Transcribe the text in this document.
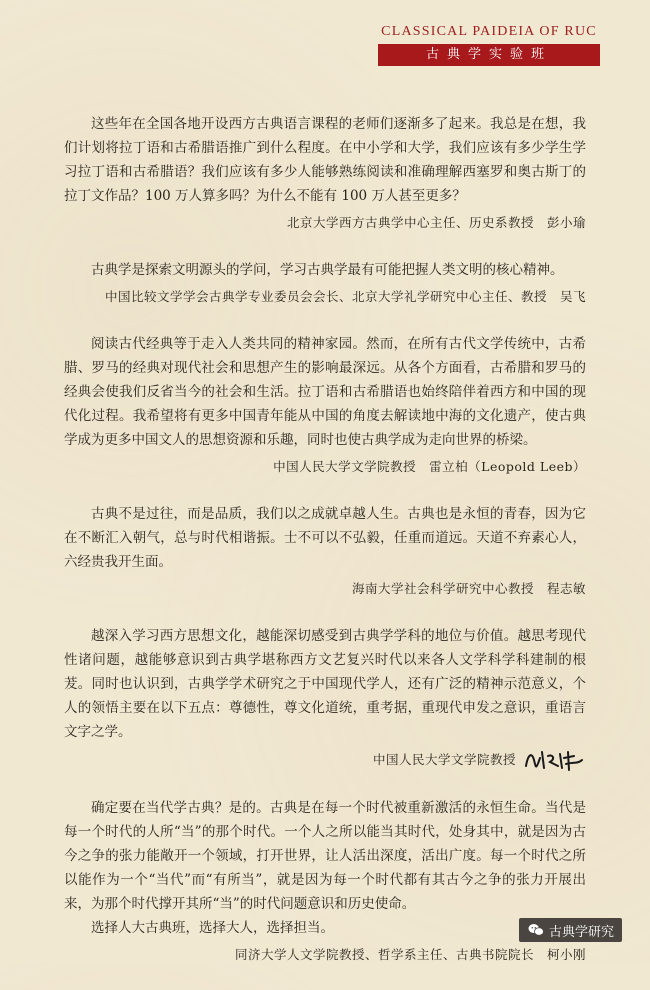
CLASSICAL PAIDEIA OF RUC
古典学实验班

这些年在全国各地开设西方古典语言课程的老师们逐渐多了起来。我总是在想，我们计划将拉丁语和古希腊语推广到什么程度。在中小学和大学，我们应该有多少学生学习拉丁语和古希腊语？我们应该有多少人能够熟练阅读和准确理解西塞罗和奥古斯丁的拉丁文作品？100 万人算多吗？为什么不能有 100 万人甚至更多？

北京大学西方古典学中心主任、历史系教授　彭小瑜

古典学是探索文明源头的学问，学习古典学最有可能把握人类文明的核心精神。

中国比较文学学会古典学专业委员会会长、北京大学礼学研究中心主任、教授　吴飞

阅读古代经典等于走入人类共同的精神家园。然而，在所有古代文学传统中，古希腊、罗马的经典对现代社会和思想产生的影响最深远。从各个方面看，古希腊和罗马的经典会使我们反省当今的社会和生活。拉丁语和古希腊语也始终陪伴着西方和中国的现代化过程。我希望将有更多中国青年能从中国的角度去解读地中海的文化遗产，使古典学成为更多中国文人的思想资源和乐趣，同时也使古典学成为走向世界的桥梁。

中国人民大学文学院教授　雷立柏（Leopold Leeb）

古典不是过往，而是品质，我们以之成就卓越人生。古典也是永恒的青春，因为它在不断汇入朝气，总与时代相谐振。士不可以不弘毅，任重而道远。天道不弃素心人，六经贵我开生面。

海南大学社会科学研究中心教授　程志敏

越深入学习西方思想文化，越能深切感受到古典学学科的地位与价值。越思考现代性诸问题，越能够意识到古典学堪称西方文艺复兴时代以来各人文学科学科建制的根茇。同时也认识到，古典学学术研究之于中国现代学人，还有广泛的精神示范意义，个人的领悟主要在以下五点：尊德性，尊文化道统，重考据，重现代申发之意识，重语言文字之学。

中国人民大学文学院教授

确定要在当代学古典？是的。古典是在每一个时代被重新激活的永恒生命。当代是每一个时代的人所“当”的那个时代。一个人之所以能当其时代，处身其中，就是因为古今之争的张力能敞开一个领域，打开世界，让人活出深度，活出广度。每一个时代之所以能作为一个“当代”而“有所当”，就是因为每一个时代都有其古今之争的张力开展出来，为那个时代撑开其所“当”的时代问题意识和历史使命。

选择人大古典班，选择大人，选择担当。

同济大学人文学院教授、哲学系主任、古典书院院长　柯小刚
古典学研究
